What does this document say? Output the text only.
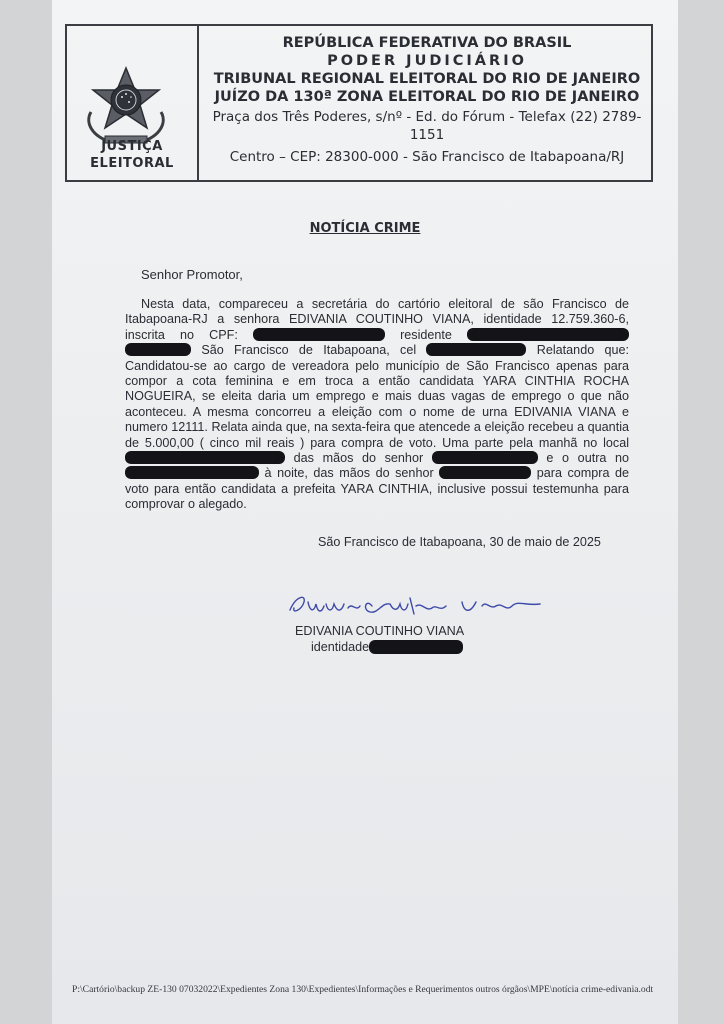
JUSTIÇA
ELEITORAL
REPÚBLICA FEDERATIVA DO BRASIL
PODER JUDICIÁRIO
TRIBUNAL REGIONAL ELEITORAL DO RIO DE JANEIRO
JUÍZO DA 130ª ZONA ELEITORAL DO RIO DE JANEIRO
Praça dos Três Poderes, s/nº - Ed. do Fórum - Telefax (22) 2789-1151
Centro – CEP: 28300-000 - São Francisco de Itabapoana/RJ
NOTÍCIA CRIME
Senhor Promotor,
Nesta data, compareceu a secretária do cartório eleitoral de são Francisco de Itabapoana-RJ a senhora EDIVANIA COUTINHO VIANA, identidade 12.759.360-6, inscrita no CPF:	residente   São Francisco de Itabapoana, cel	Relatando que: Candidatou-se ao cargo de vereadora pelo município de São Francisco apenas para compor a cota feminina e em troca a então candidata YARA CINTHIA ROCHA NOGUEIRA, se eleita daria um emprego e mais duas vagas de emprego o que não aconteceu. A mesma concorreu a eleição com o nome de urna EDIVANIA VIANA e numero 12111. Relata ainda que, na sexta-feira que atencede a eleição recebeu a quantia de 5.000,00 ( cinco mil reais ) para compra de voto. Uma parte pela manhã no local  das mãos do senhor	e o outra no  à noite, das mãos do senhor	para compra de voto para então candidata a prefeita YARA CINTHIA, inclusive possui testemunha para comprovar o alegado.
São Francisco de Itabapoana, 30 de maio de 2025
EDIVANIA COUTINHO VIANA
identidade
P:\Cartório\backup ZE-130 07032022\Expedientes Zona 130\Expedientes\Informações e Requerimentos outros órgãos\MPE\notícia crime-edivania.odt
